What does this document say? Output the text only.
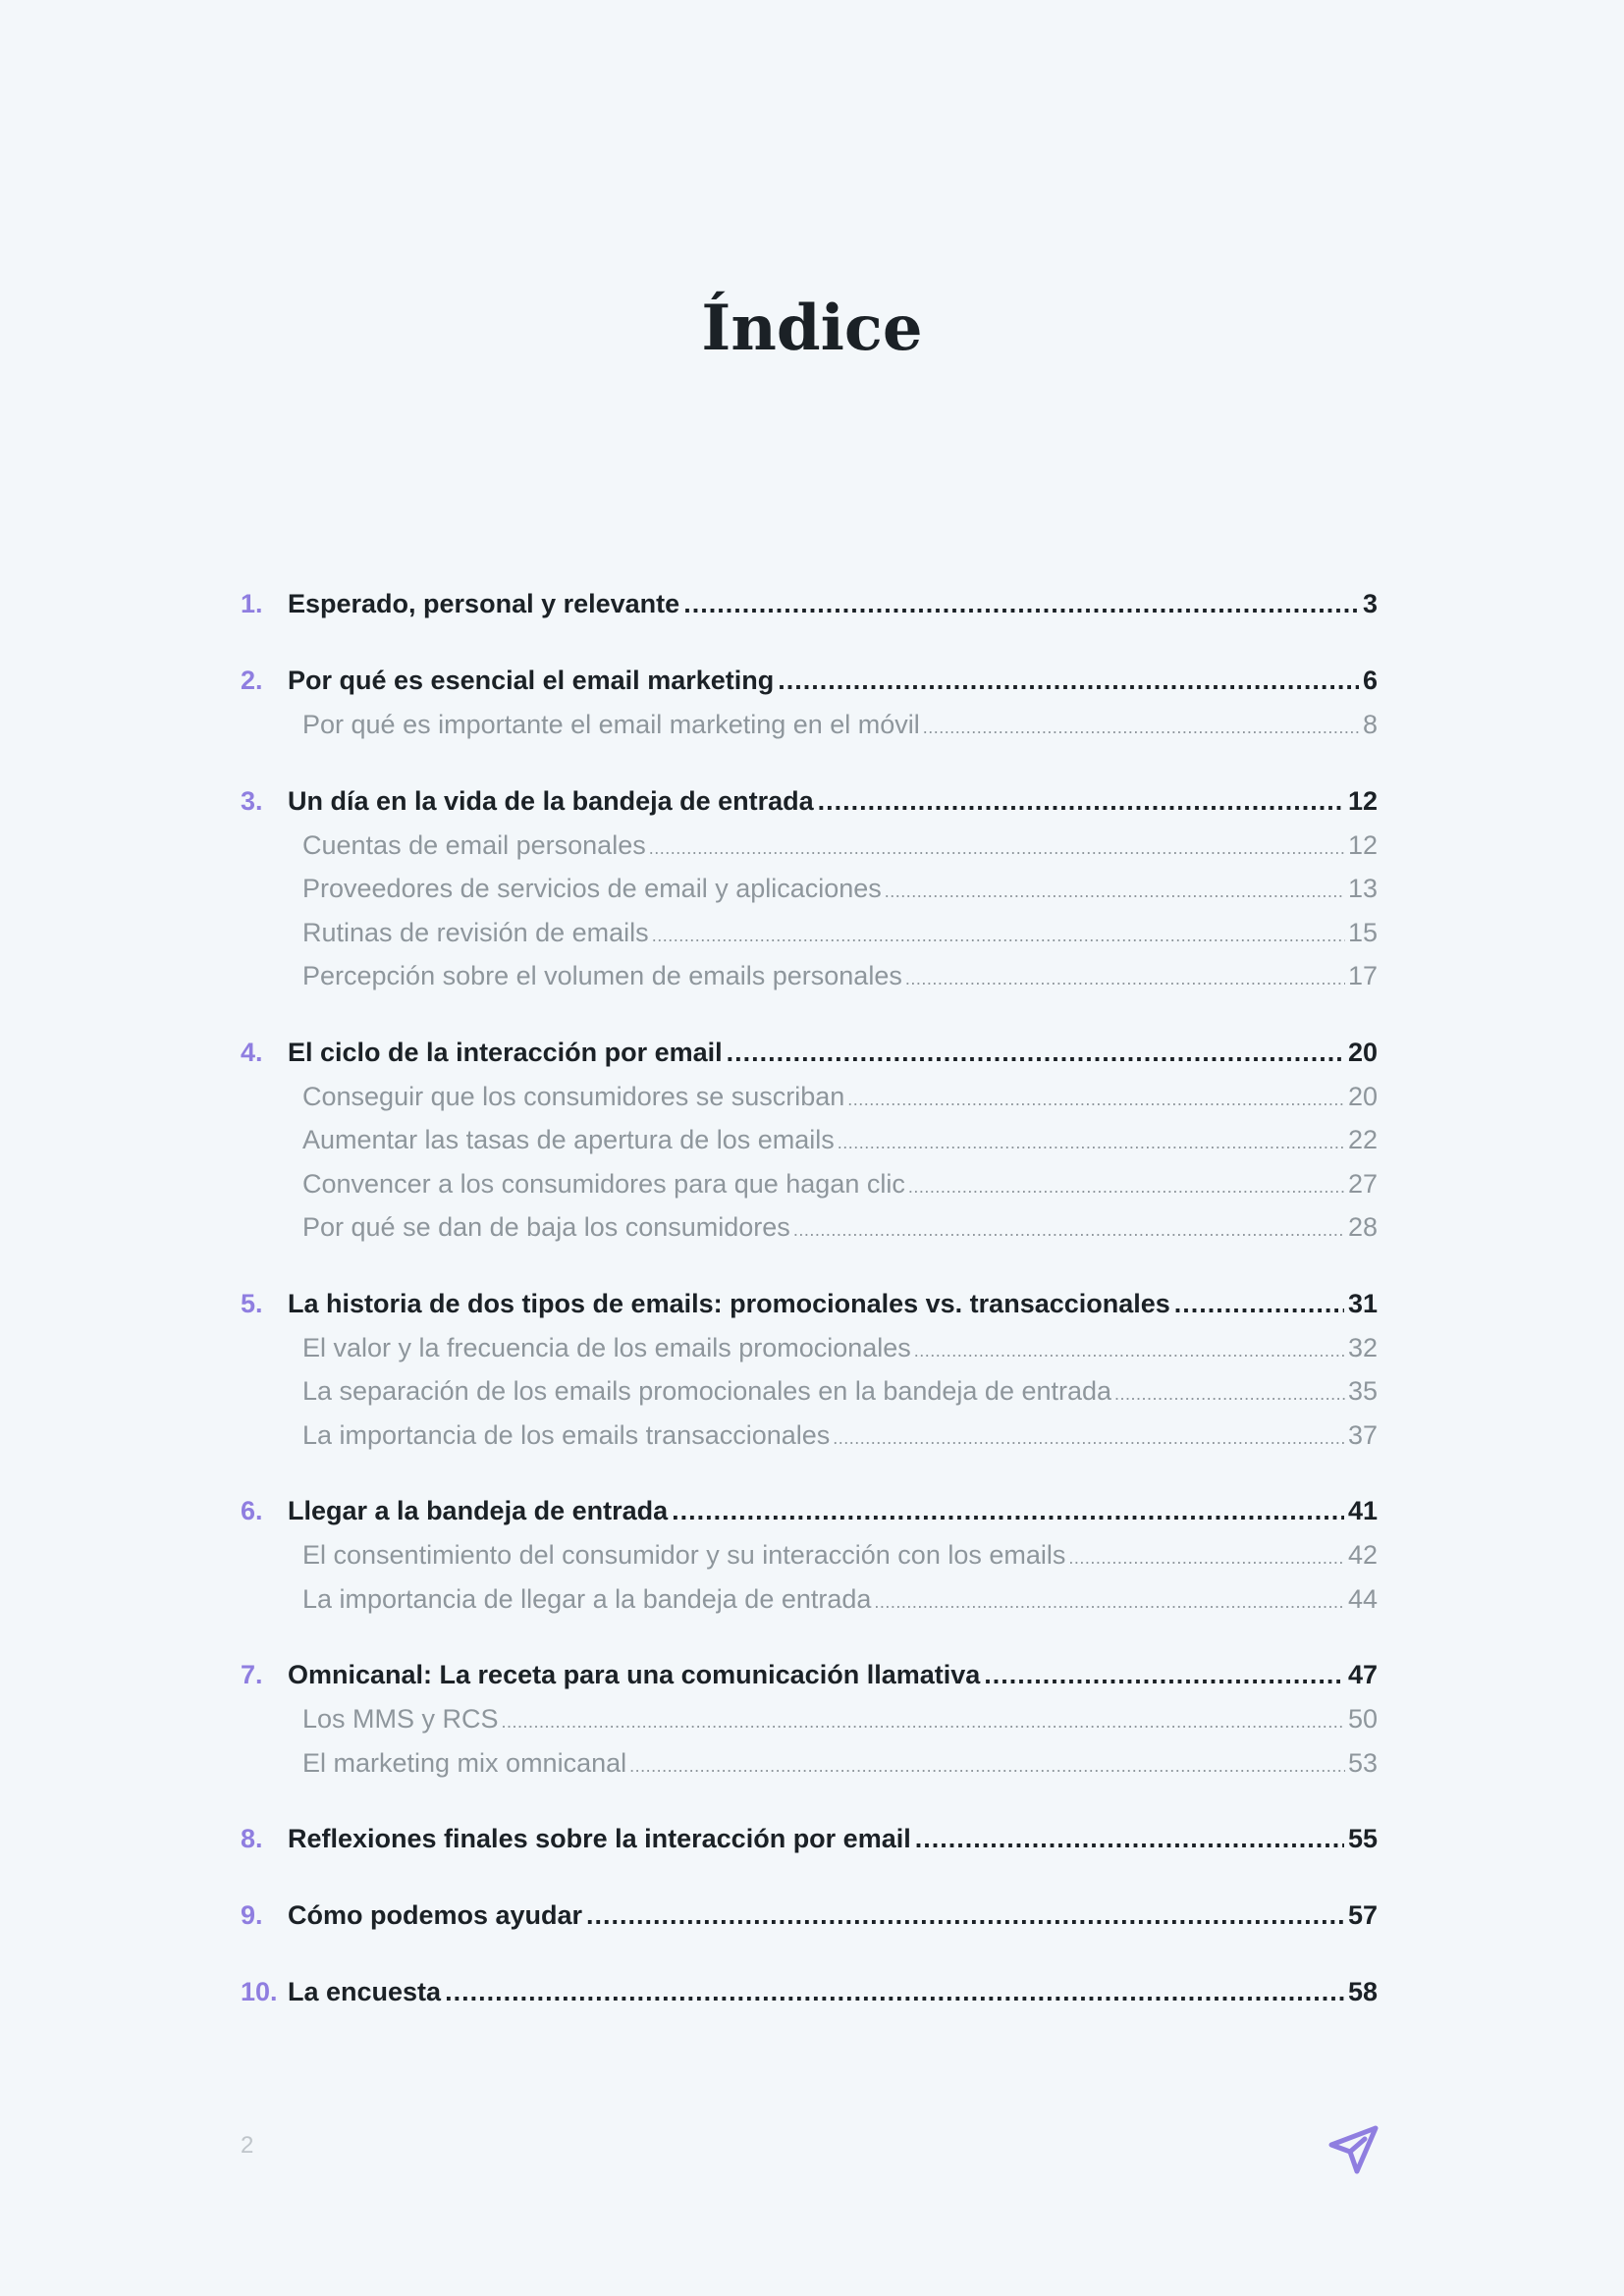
Índice
1. Esperado, personal y relevante .....	3
2. Por qué es esencial el email marketing .....	6
Por qué es importante el email marketing en el móvil .....	8
3. Un día en la vida de la bandeja de entrada .....	12
Cuentas de email personales .....	12
Proveedores de servicios de email y aplicaciones .....	13
Rutinas de revisión de emails .....	15
Percepción sobre el volumen de emails personales .....	17
4. El ciclo de la interacción por email .....	20
Conseguir que los consumidores se suscriban .....	20
Aumentar las tasas de apertura de los emails .....	22
Convencer a los consumidores para que hagan clic .....	27
Por qué se dan de baja los consumidores .....	28
5. La historia de dos tipos de emails: promocionales vs. transaccionales .....	31
El valor y la frecuencia de los emails promocionales .....	32
La separación de los emails promocionales en la bandeja de entrada .....	35
La importancia de los emails transaccionales .....	37
6. Llegar a la bandeja de entrada .....	41
El consentimiento del consumidor y su interacción con los emails .....	42
La importancia de llegar a la bandeja de entrada .....	44
7. Omnicanal: La receta para una comunicación llamativa .....	47
Los MMS y RCS .....	50
El marketing mix omnicanal .....	53
8. Reflexiones finales sobre la interacción por email .....	55
9. Cómo podemos ayudar .....	57
10. La encuesta .....	58
2
